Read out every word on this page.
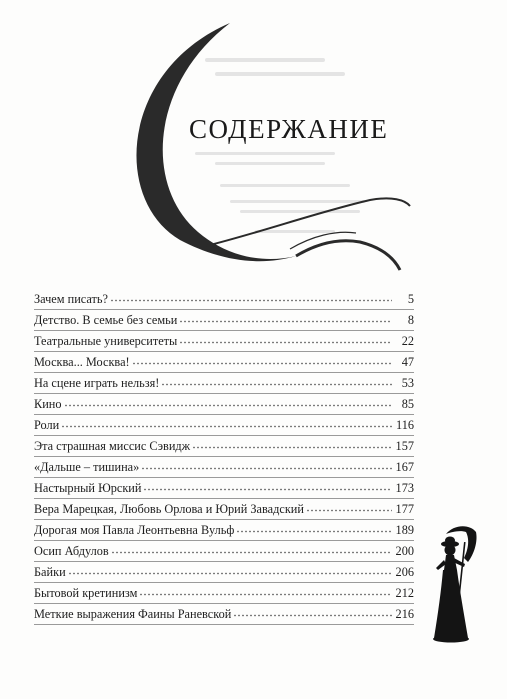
СОДЕРЖАНИЕ
Зачем писать?	5
Детство. В семье без семьи	8
Театральные университеты	22
Москва... Москва!	47
На сцене играть нельзя!	53
Кино	85
Роли	116
Эта страшная миссис Сэвидж	157
«Дальше – тишина»	167
Настырный Юрский	173
Вера Марецкая, Любовь Орлова и Юрий Завадский	177
Дорогая моя Павла Леонтьевна Вульф	189
Осип Абдулов	200
Байки	206
Бытовой кретинизм	212
Меткие выражения Фаины Раневской	216
